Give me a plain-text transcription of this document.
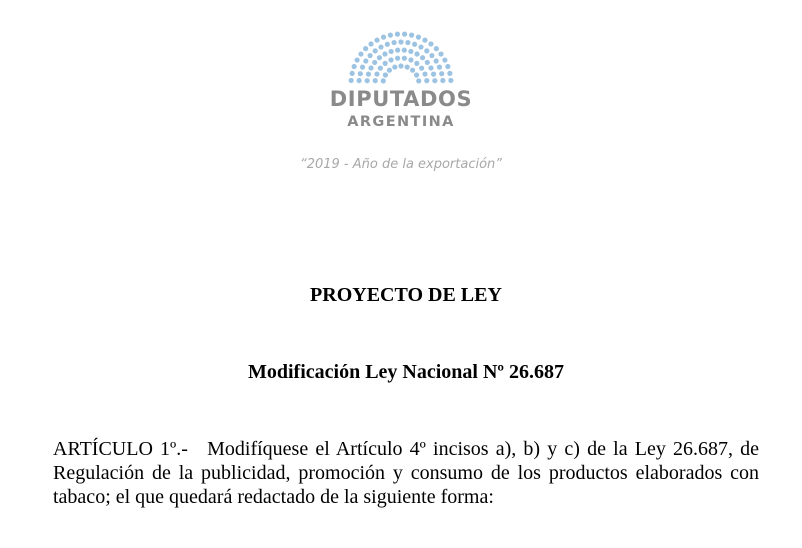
DIPUTADOS
ARGENTINA
“2019 - Año de la exportación”
PROYECTO DE LEY
Modificación Ley Nacional Nº 26.687
ARTÍCULO 1º.- Modifíquese el Artículo 4º incisos a), b) y c) de la Ley 26.687, de Regulación de la publicidad, promoción y consumo de los productos elaborados con tabaco; el que quedará redactado de la siguiente forma:
